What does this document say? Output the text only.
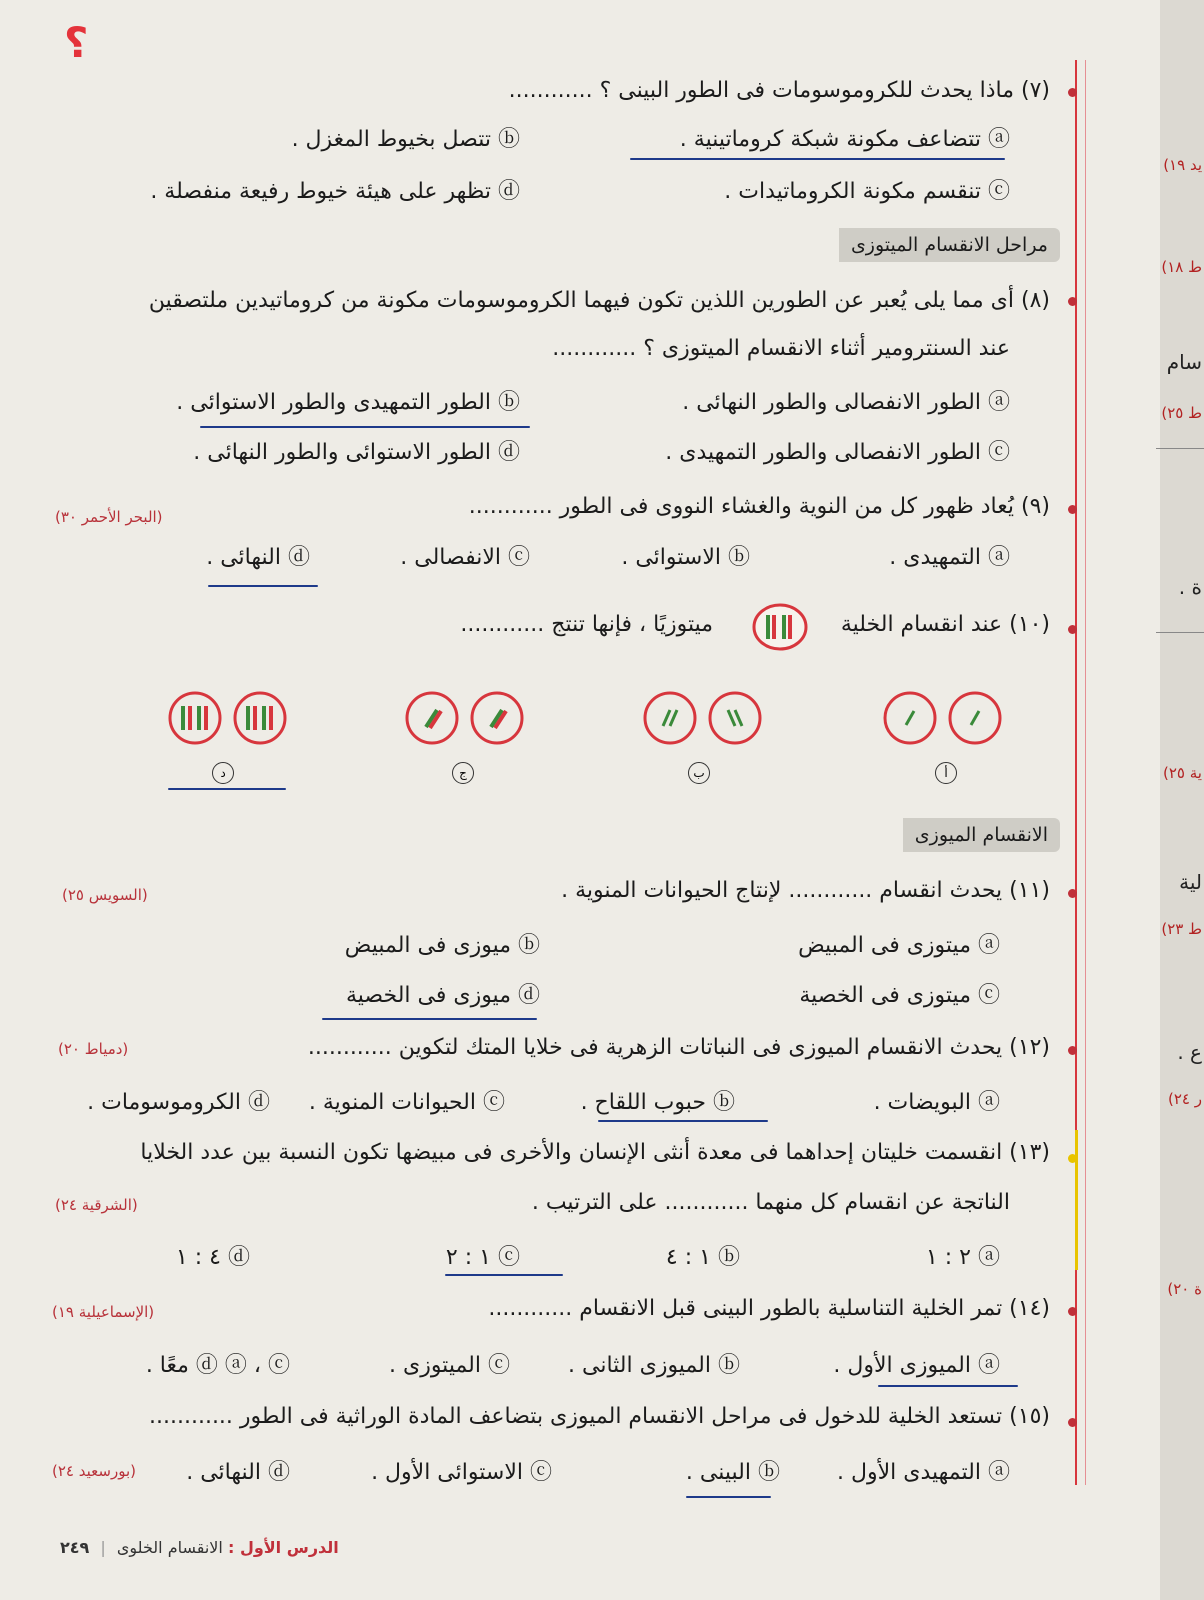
؟
(٧) ماذا يحدث للكروموسومات فى الطور البينى ؟ ............
ⓐ تتضاعف مكونة شبكة كروماتينية .
ⓑ تتصل بخيوط المغزل .
ⓒ تنقسم مكونة الكروماتيدات .
ⓓ تظهر على هيئة خيوط رفيعة منفصلة .
مراحل الانقسام الميتوزى
(٨) أى مما يلى يُعبر عن الطورين اللذين تكون فيهما الكروموسومات مكونة من كروماتيدين ملتصقين
عند السنترومير أثناء الانقسام الميتوزى ؟ ............
ⓐ الطور الانفصالى والطور النهائى .
ⓑ الطور التمهيدى والطور الاستوائى .
ⓒ الطور الانفصالى والطور التمهيدى .
ⓓ الطور الاستوائى والطور النهائى .
(٩) يُعاد ظهور كل من النوية والغشاء النووى فى الطور ............
(البحر الأحمر ٣٠)
ⓐ التمهيدى .
ⓑ الاستوائى .
ⓒ الانفصالى .
ⓓ النهائى .
(١٠) عند انقسام الخلية
ميتوزيًا ، فإنها تنتج ............
أ
ب
ج
د
الانقسام الميوزى
(١١) يحدث انقسام ............ لإنتاج الحيوانات المنوية .
(السويس ٢٥)
ⓐ ميتوزى فى المبيض
ⓑ ميوزى فى المبيض
ⓒ ميتوزى فى الخصية
ⓓ ميوزى فى الخصية
(١٢) يحدث الانقسام الميوزى فى النباتات الزهرية فى خلايا المتك لتكوين ............
(دمياط ٢٠)
ⓐ البويضات .
ⓑ حبوب اللقاح .
ⓒ الحيوانات المنوية .
ⓓ الكروموسومات .
(١٣) انقسمت خليتان إحداهما فى معدة أنثى الإنسان والأخرى فى مبيضها تكون النسبة بين عدد الخلايا
الناتجة عن انقسام كل منهما ............ على الترتيب .
(الشرقية ٢٤)
ⓐ ٢ : ١
ⓑ ١ : ٤
ⓒ ١ : ٢
ⓓ ٤ : ١
(١٤) تمر الخلية التناسلية بالطور البينى قبل الانقسام ............
(الإسماعيلية ١٩)
ⓐ الميوزى الأول .
ⓑ الميوزى الثانى .
ⓒ الميتوزى .
ⓓ ⓐ ، ⓒ معًا .
(١٥) تستعد الخلية للدخول فى مراحل الانقسام الميوزى بتضاعف المادة الوراثية فى الطور ............
ⓐ التمهيدى الأول .
ⓑ البينى .
ⓒ الاستوائى الأول .
ⓓ النهائى .
(بورسعيد ٢٤)
الدرس الأول : الانقسام الخلوى | ٢٤٩
يد ١٩)
ط ١٨)
سام
ط ٢٥)
ة .
ية ٢٥)
لية
ط ٢٣)
ع .
ر ٢٤)
ة ٢٠)
